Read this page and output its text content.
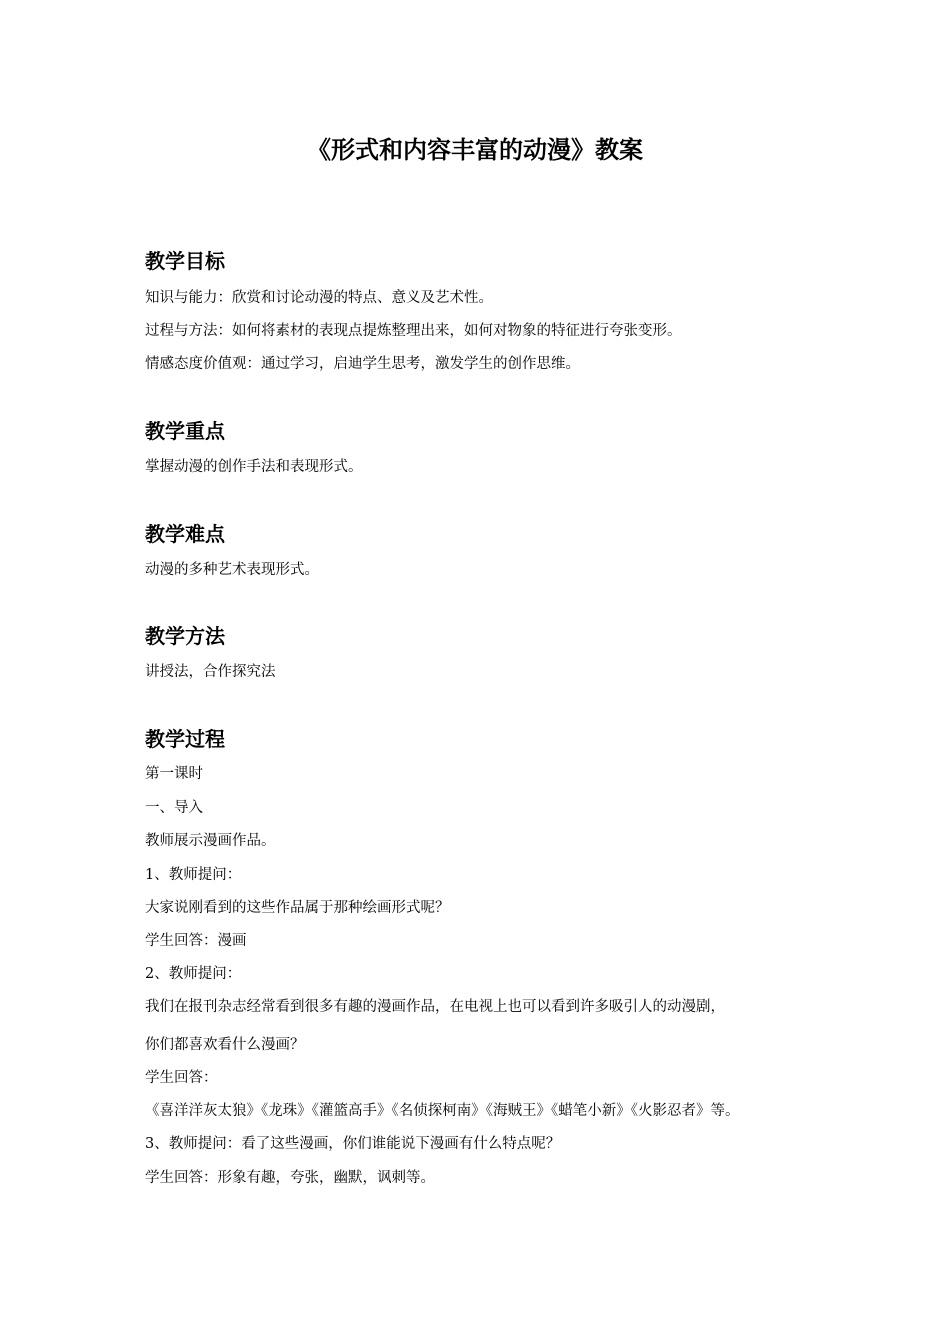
《形式和内容丰富的动漫》教案
教学目标

知识与能力：欣赏和讨论动漫的特点、意义及艺术性。

过程与方法：如何将素材的表现点提炼整理出来，如何对物象的特征进行夸张变形。

情感态度价值观：通过学习，启迪学生思考，激发学生的创作思维。

教学重点

掌握动漫的创作手法和表现形式。

教学难点

动漫的多种艺术表现形式。

教学方法

讲授法，合作探究法

教学过程

第一课时

一、导入

教师展示漫画作品。

1、教师提问：

大家说刚看到的这些作品属于那种绘画形式呢？

学生回答：漫画

2、教师提问：

我们在报刊杂志经常看到很多有趣的漫画作品，在电视上也可以看到许多吸引人的动漫剧，

你们都喜欢看什么漫画？

学生回答：

《喜洋洋灰太狼》《龙珠》《灌篮高手》《名侦探柯南》《海贼王》《蜡笔小新》《火影忍者》等。

3、教师提问：看了这些漫画，你们谁能说下漫画有什么特点呢？

学生回答：形象有趣，夸张，幽默，讽刺等。
